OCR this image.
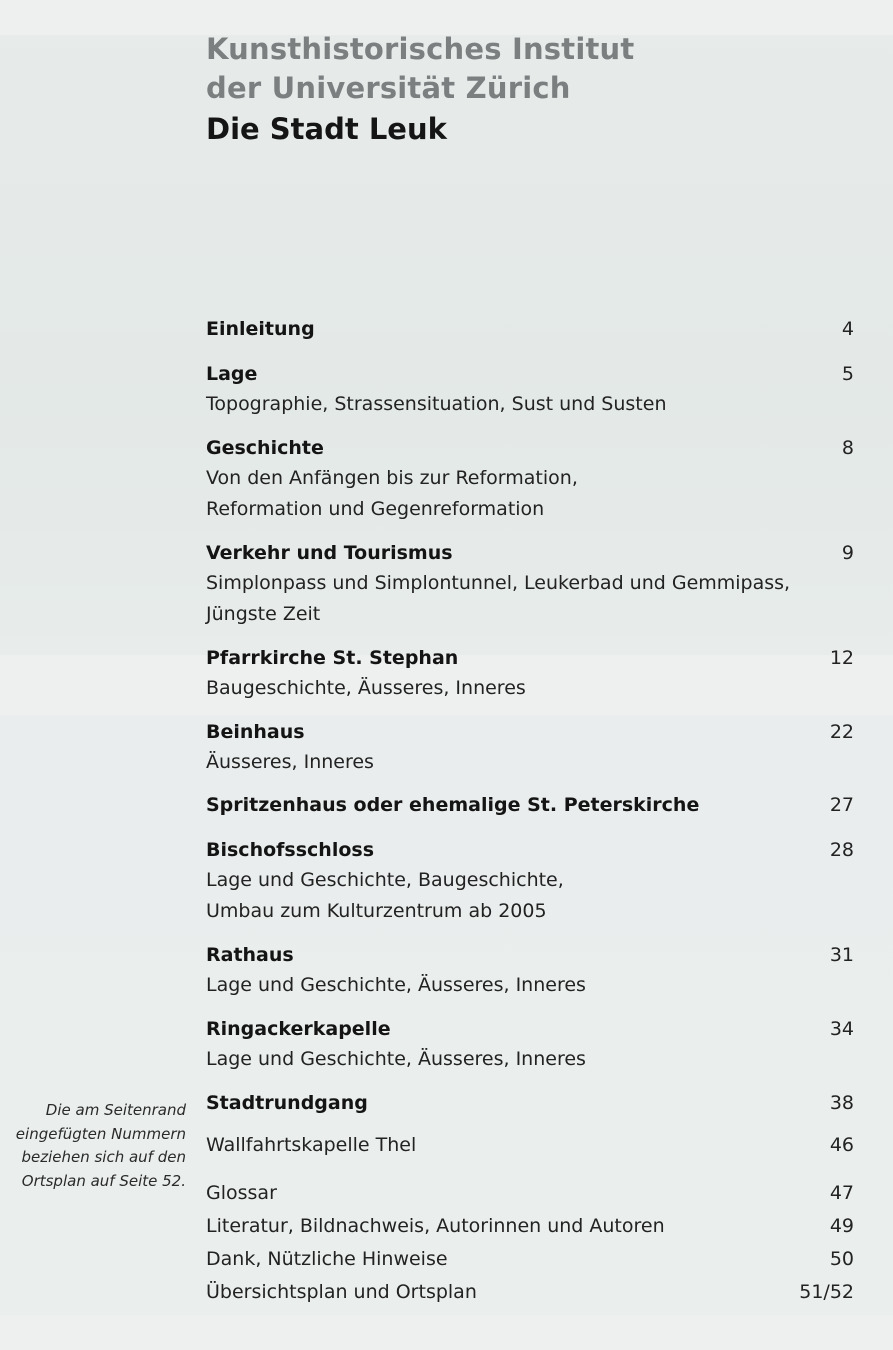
Kunsthistorisches Institut
der Universität Zürich
Die Stadt Leuk
Einleitung	4
Lage	5
Topographie, Strassensituation, Sust und Susten
Geschichte	8
Von den Anfängen bis zur Reformation,
Reformation und Gegenreformation
Verkehr und Tourismus	9
Simplonpass und Simplontunnel, Leukerbad und Gemmipass,
Jüngste Zeit
Pfarrkirche St. Stephan	12
Baugeschichte, Äusseres, Inneres
Beinhaus	22
Äusseres, Inneres
Spritzenhaus oder ehemalige St. Peterskirche	27
Bischofsschloss	28
Lage und Geschichte, Baugeschichte,
Umbau zum Kulturzentrum ab 2005
Rathaus	31
Lage und Geschichte, Äusseres, Inneres
Ringackerkapelle	34
Lage und Geschichte, Äusseres, Inneres
Stadtrundgang	38
Wallfahrtskapelle Thel	46
Glossar	47
Literatur, Bildnachweis, Autorinnen und Autoren	49
Dank, Nützliche Hinweise	50
Übersichtsplan und Ortsplan	51/52
Die am Seitenrand
eingefügten Nummern
beziehen sich auf den
Ortsplan auf Seite 52.
